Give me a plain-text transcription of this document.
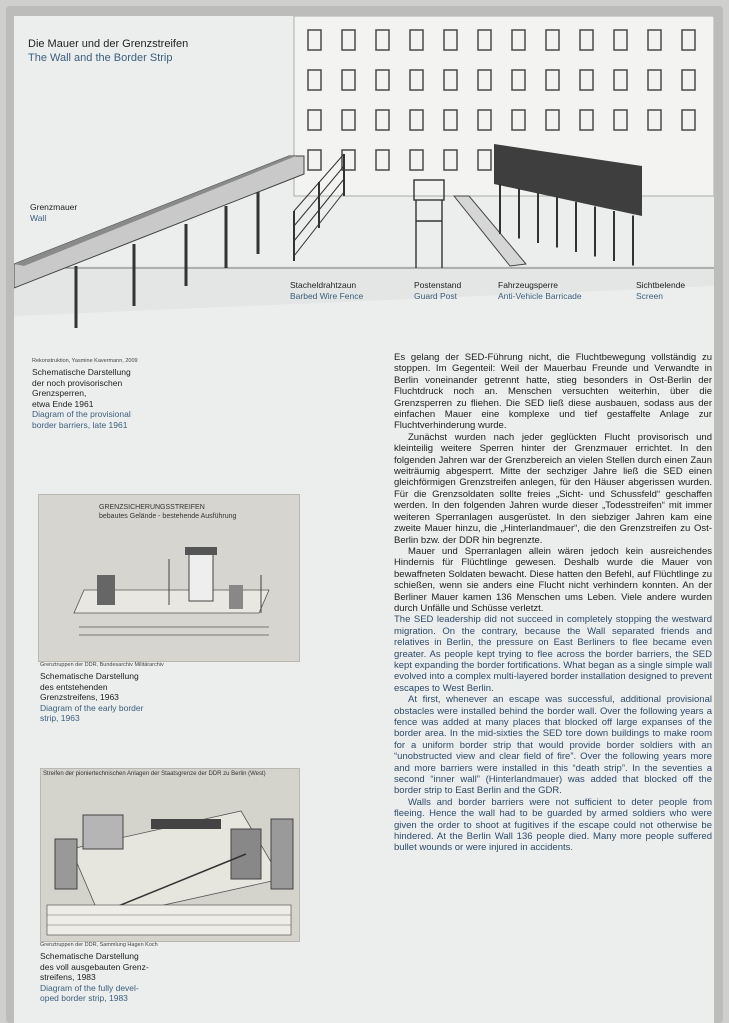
Die Mauer und der Grenzstreifen
The Wall and the Border Strip
Grenzmauer
Wall
Stacheldrahtzaun
Barbed Wire Fence
Postenstand
Guard Post
Fahrzeugsperre
Anti-Vehicle Barricade
Sichtbelende
Screen
Rekonstruktion, Yasmine Kavermann, 2009
Schematische Darstellung
der noch provisorischen
Grenzsperren,
etwa Ende 1961
Diagram of the provisional
border barriers, late 1961
GRENZSICHERUNGSSTREIFEN
bebautes Gelände - bestehende Ausführung
Grenztruppen der DDR, Bundesarchiv Militärarchiv
Schematische Darstellung
des entstehenden
Grenzstreifens, 1963
Diagram of the early border
strip, 1963
Streifen der pioniertechnischen Anlagen der Staatsgrenze der DDR zu Berlin (West)
Grenztruppen der DDR, Sammlung Hagen Koch
Schematische Darstellung
des voll ausgebauten Grenz-
streifens, 1983
Diagram of the fully devel-
oped border strip, 1983

Es gelang der SED-Führung nicht, die Fluchtbewegung vollständig zu stoppen. Im Gegenteil: Weil der Mauerbau Freunde und Verwandte in Berlin voneinander getrennt hatte, stieg besonders in Ost-Berlin der Fluchtdruck noch an. Menschen versuchten weiterhin, über die Grenzsperren zu fliehen. Die SED ließ diese ausbauen, sodass aus der einfachen Mauer eine komplexe und tief gestaffelte Anlage zur Fluchtverhinderung wurde.

Zunächst wurden nach jeder geglückten Flucht provisorisch und kleinteilig weitere Sperren hinter der Grenzmauer errichtet. In den folgenden Jahren war der Grenzbereich an vielen Stellen durch einen Zaun weiträumig abgesperrt. Mitte der sechziger Jahre ließ die SED einen gleichförmigen Grenzstreifen anlegen, für den Häuser abgerissen wurden. Für die Grenzsoldaten sollte freies „Sicht- und Schussfeld“ geschaffen werden. In den folgenden Jahren wurde dieser „Todesstreifen“ mit immer weiteren Sperranlagen ausgerüstet. In den siebziger Jahren kam eine zweite Mauer hinzu, die „Hinterlandmauer“, die den Grenzstreifen zu Ost-Berlin bzw. der DDR hin begrenzte.

Mauer und Sperranlagen allein wären jedoch kein ausreichendes Hindernis für Flüchtlinge gewesen. Deshalb wurde die Mauer von bewaffneten Soldaten bewacht. Diese hatten den Befehl, auf Flüchtlinge zu schießen, wenn sie anders eine Flucht nicht verhindern konnten. An der Berliner Mauer kamen 136 Menschen ums Leben. Viele andere wurden durch Unfälle und Schüsse verletzt.

The SED leadership did not succeed in completely stopping the westward migration. On the contrary, because the Wall separated friends and relatives in Berlin, the pressure on East Berliners to flee became even greater. As people kept trying to flee across the border barriers, the SED kept expanding the border fortifications. What began as a single simple wall evolved into a complex multi-layered border installation designed to prevent escapes to West Berlin.

At first, whenever an escape was successful, additional provisional obstacles were installed behind the border wall. Over the following years a fence was added at many places that blocked off large expanses of the border area. In the mid-sixties the SED tore down buildings to make room for a uniform border strip that would provide border soldiers with an “unobstructed view and clear field of fire”. Over the following years more and more barriers were installed in this “death strip”. In the seventies a second “inner wall” (Hinterlandmauer) was added that blocked off the border strip to East Berlin and the GDR.

Walls and border barriers were not sufficient to deter people from fleeing. Hence the wall had to be guarded by armed soldiers who were given the order to shoot at fugitives if the escape could not otherwise be hindered. At the Berlin Wall 136 people died. Many more people suffered bullet wounds or were injured in accidents.
